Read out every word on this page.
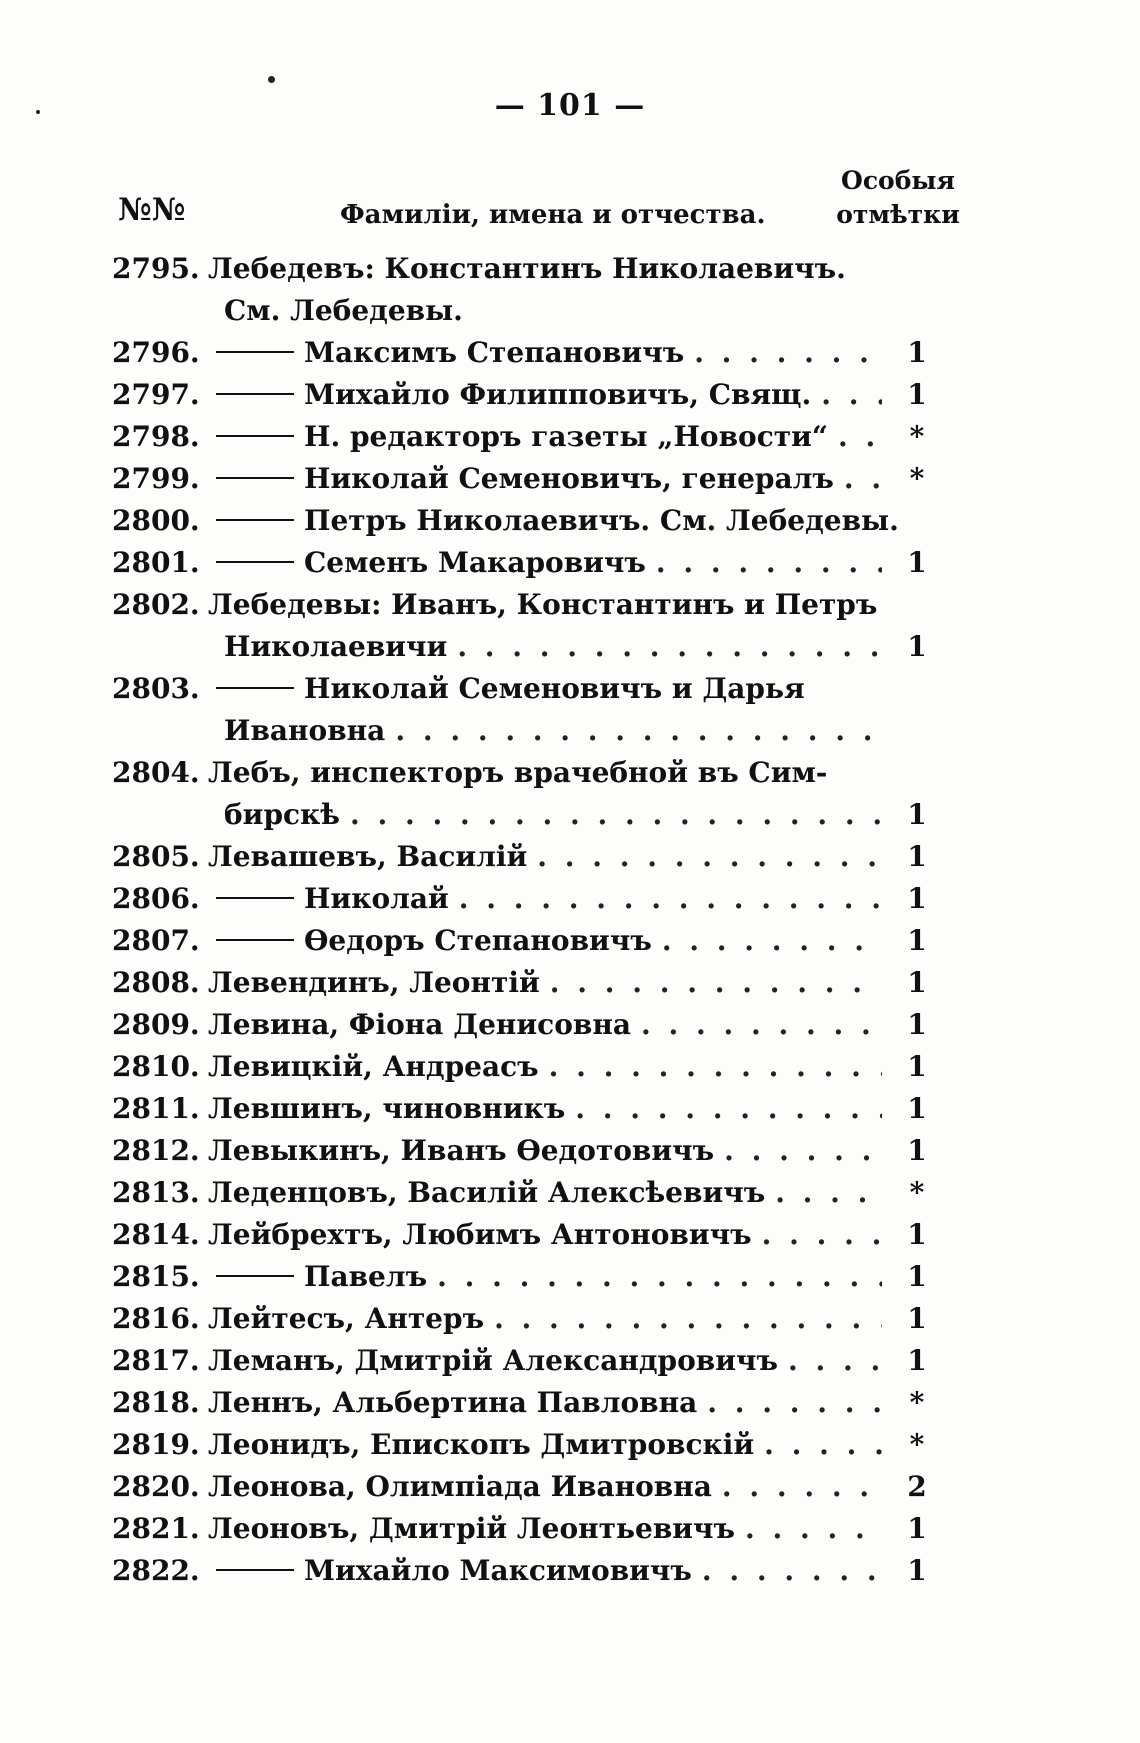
— 101 —
№№	Фамиліи, имена и отчества.
Особыя
отмѣтки
2795. Лебедевъ: Константинъ Николаевичъ.
См. Лебедевы.
2796.	Максимъ Степановичъ . . .	1
2797.	Михайло Филипповичъ, Свящ. . . .	1
2798.	Н. редакторъ газеты „Новости“ . . .	*
2799.	Николай Семеновичъ, генералъ . . .	*
2800.	Петръ Николаевичъ. См. Лебедевы.
2801.	Семенъ Макаровичъ . . .	1
2802. Лебедевы: Иванъ, Константинъ и Петръ
Николаевичи . . .	1
2803.	Николай Семеновичъ и Дарья
Ивановна
. . .
2804. Лебъ, инспекторъ врачебной въ Сим-
бирскѣ . . .	1
2805. Левашевъ, Василій . . .	1
2806.	Николай . . .	1
2807.	Ѳедоръ Степановичъ . . .	1
2808. Левендинъ, Леонтій . . .	1
2809. Левина, Фіона Денисовна . . .	1
2810. Левицкій, Андреасъ . . .	1
2811. Левшинъ, чиновникъ . . .	1
2812. Левыкинъ, Иванъ Ѳедотовичъ . . .	1
2813. Леденцовъ, Василій Алексѣевичъ . . .	*
2814. Лейбрехтъ, Любимъ Антоновичъ . . .	1
2815.	Павелъ . . .	1
2816. Лейтесъ, Антеръ . . .	1
2817. Леманъ, Дмитрій Александровичъ . . .	1
2818. Леннъ, Альбертина Павловна . . .	*
2819. Леонидъ, Епископъ Дмитровскій . . .	*
2820. Леонова, Олимпіада Ивановна . . .	2
2821. Леоновъ, Дмитрій Леонтьевичъ . . .	1
2822.	Михайло Максимовичъ . . .	1
